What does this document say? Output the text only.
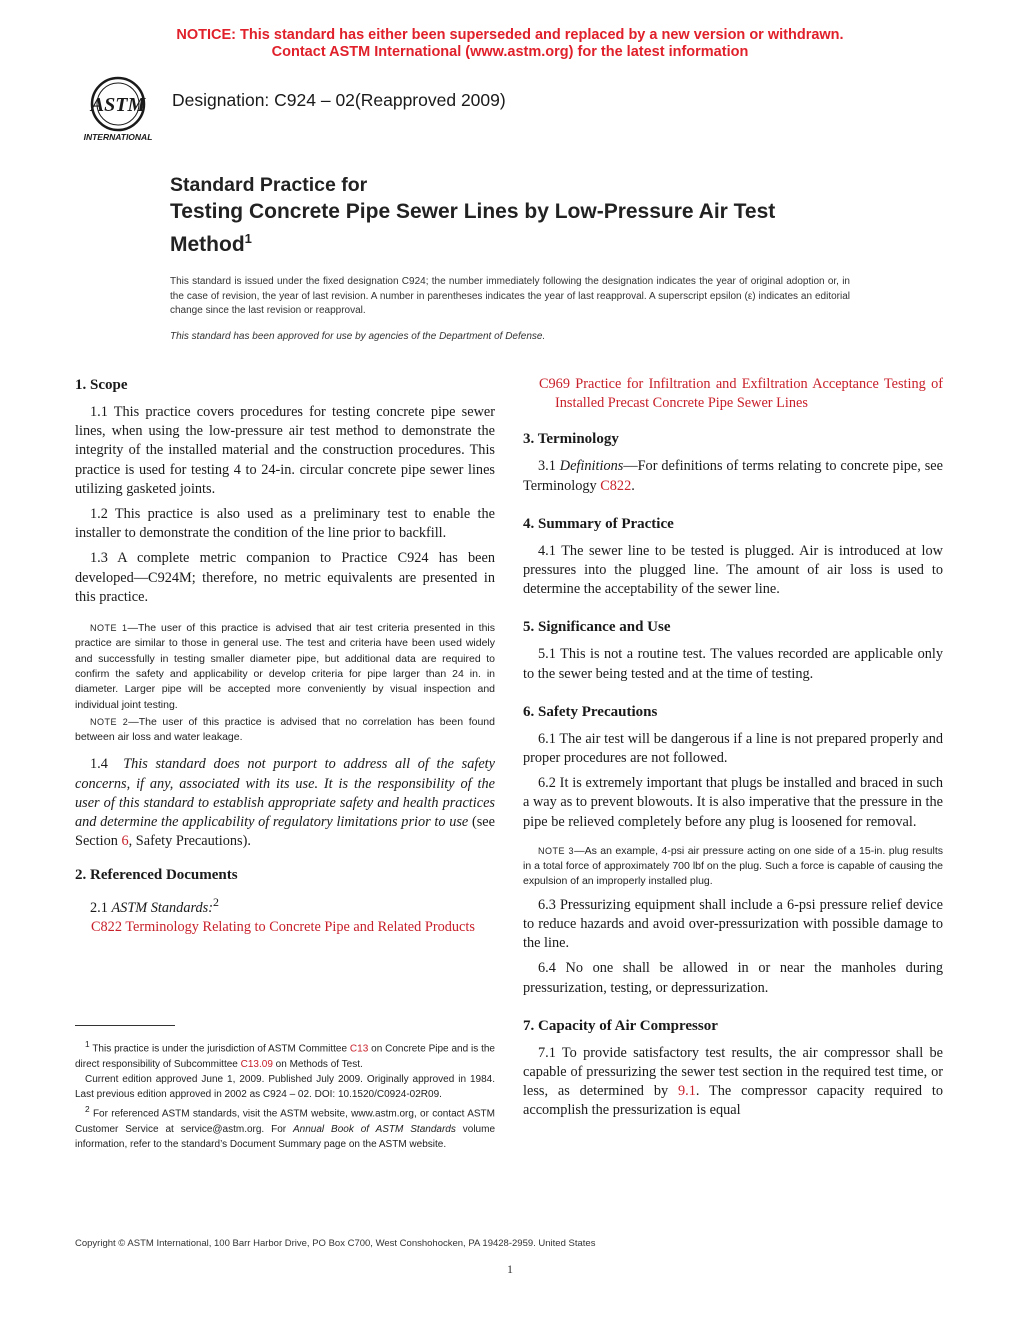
NOTICE: This standard has either been superseded and replaced by a new version or withdrawn.
Contact ASTM International (www.astm.org) for the latest information
ASTM
INTERNATIONAL
Designation: C924 – 02(Reapproved 2009)
Standard Practice for
Testing Concrete Pipe Sewer Lines by Low-Pressure Air Test Method$^1$
This standard is issued under the fixed designation C924; the number immediately following the designation indicates the year of original adoption or, in the case of revision, the year of last revision. A number in parentheses indicates the year of last reapproval. A superscript epsilon (ε) indicates an editorial change since the last revision or reapproval.
This standard has been approved for use by agencies of the Department of Defense.
1. Scope

1.1 This practice covers procedures for testing concrete pipe sewer lines, when using the low-pressure air test method to demonstrate the integrity of the installed material and the construction procedures. This practice is used for testing 4 to 24-in. circular concrete pipe sewer lines utilizing gasketed joints.

1.2 This practice is also used as a preliminary test to enable the installer to demonstrate the condition of the line prior to backfill.

1.3 A complete metric companion to Practice C924 has been developed—C924M; therefore, no metric equivalents are presented in this practice.

NOTE 1—The user of this practice is advised that air test criteria presented in this practice are similar to those in general use. The test and criteria have been used widely and successfully in testing smaller diameter pipe, but additional data are required to confirm the safety and applicability or develop criteria for pipe larger than 24 in. in diameter. Larger pipe will be accepted more conveniently by visual inspection and individual joint testing.
NOTE 2—The user of this practice is advised that no correlation has been found between air loss and water leakage.

1.4 This standard does not purport to address all of the safety concerns, if any, associated with its use. It is the responsibility of the user of this standard to establish appropriate safety and health practices and determine the applicability of regulatory limitations prior to use (see Section 6, Safety Precautions).

2. Referenced Documents

2.1 ASTM Standards:$^2$

C822 Terminology Relating to Concrete Pipe and Related Products

$^1$ This practice is under the jurisdiction of ASTM Committee C13 on Concrete Pipe and is the direct responsibility of Subcommittee C13.09 on Methods of Test.

Current edition approved June 1, 2009. Published July 2009. Originally approved in 1984. Last previous edition approved in 2002 as C924 – 02. DOI: 10.1520/C0924-02R09.

$^2$ For referenced ASTM standards, visit the ASTM website, www.astm.org, or contact ASTM Customer Service at service@astm.org. For Annual Book of ASTM Standards volume information, refer to the standard’s Document Summary page on the ASTM website.

C969 Practice for Infiltration and Exfiltration Acceptance Testing of Installed Precast Concrete Pipe Sewer Lines
3. Terminology

3.1 Definitions—For definitions of terms relating to concrete pipe, see Terminology C822.

4. Summary of Practice

4.1 The sewer line to be tested is plugged. Air is introduced at low pressures into the plugged line. The amount of air loss is used to determine the acceptability of the sewer line.

5. Significance and Use

5.1 This is not a routine test. The values recorded are applicable only to the sewer being tested and at the time of testing.

6. Safety Precautions

6.1 The air test will be dangerous if a line is not prepared properly and proper procedures are not followed.

6.2 It is extremely important that plugs be installed and braced in such a way as to prevent blowouts. It is also imperative that the pressure in the pipe be relieved completely before any plug is loosened for removal.

NOTE 3—As an example, 4-psi air pressure acting on one side of a 15-in. plug results in a total force of approximately 700 lbf on the plug. Such a force is capable of causing the expulsion of an improperly installed plug.

6.3 Pressurizing equipment shall include a 6-psi pressure relief device to reduce hazards and avoid over-pressurization with possible damage to the line.

6.4 No one shall be allowed in or near the manholes during pressurization, testing, or depressurization.

7. Capacity of Air Compressor

7.1 To provide satisfactory test results, the air compressor shall be capable of pressurizing the sewer test section in the required test time, or less, as determined by 9.1. The compressor capacity required to accomplish the pressurization is equal

Copyright © ASTM International, 100 Barr Harbor Drive, PO Box C700, West Conshohocken, PA 19428-2959. United States
1
